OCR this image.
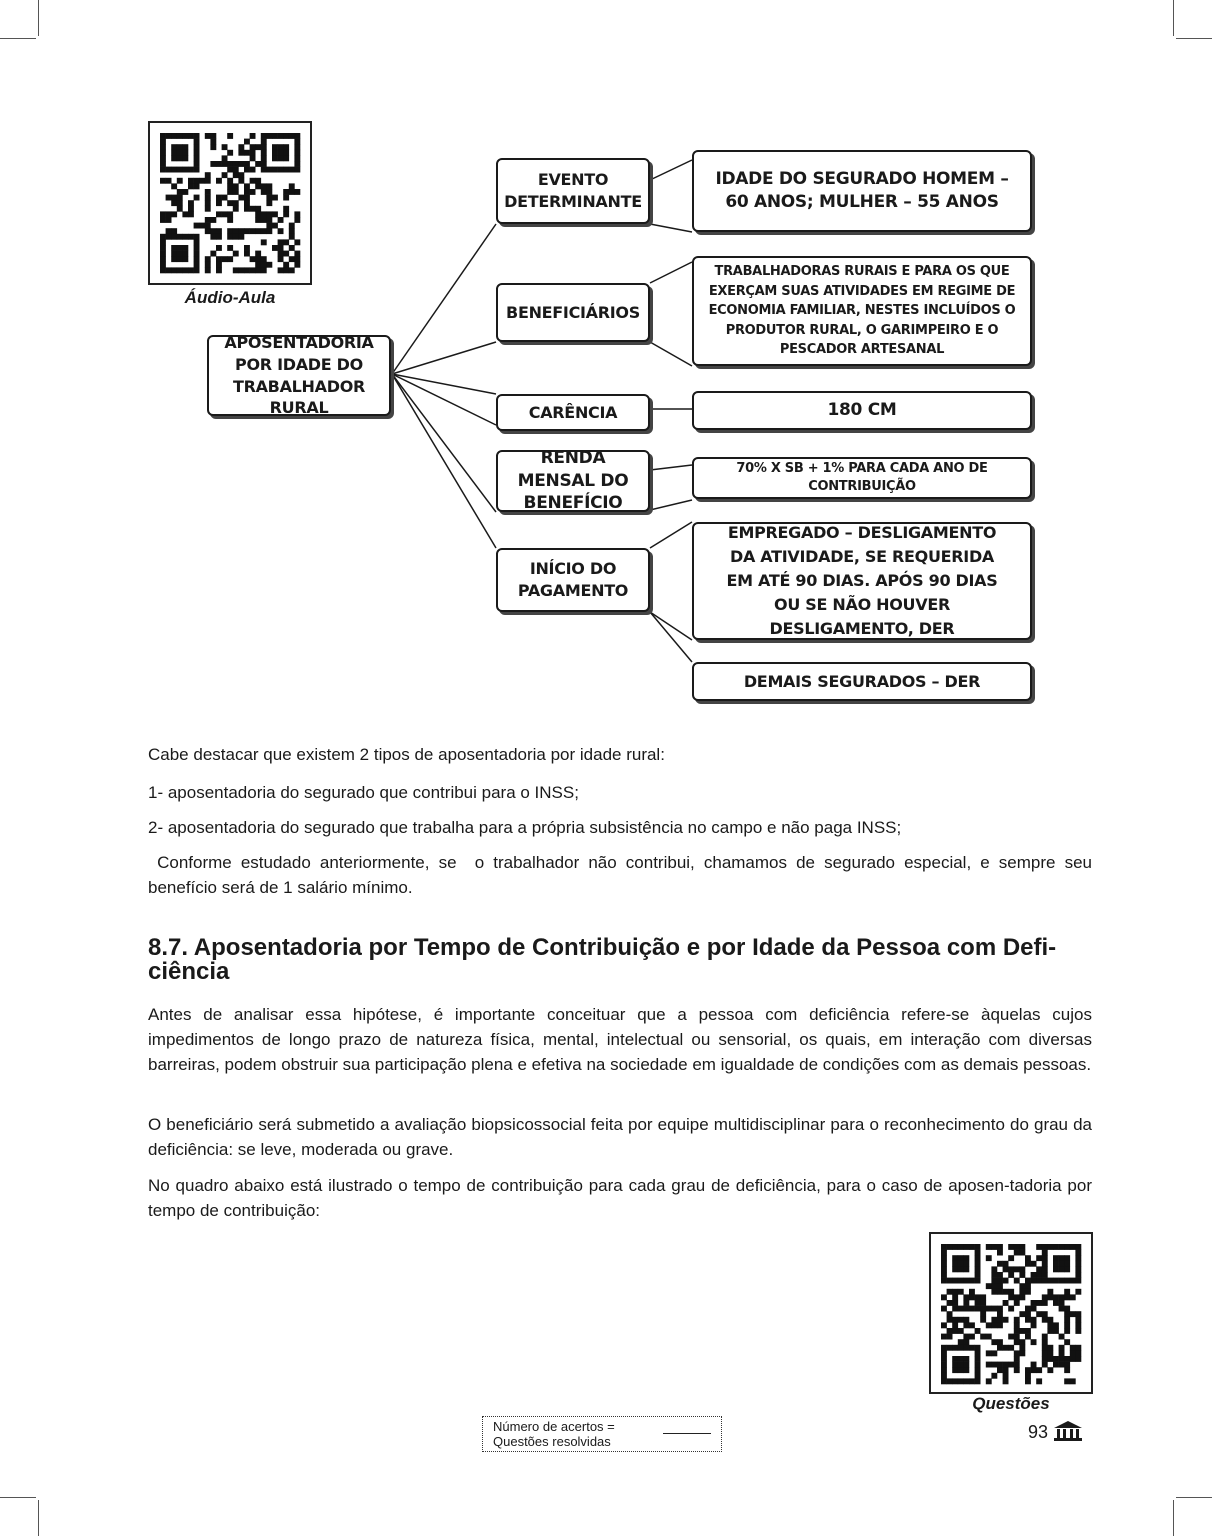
Áudio-Aula
APOSENTADORIA POR IDADE DO TRABALHADOR RURAL
EVENTO DETERMINANTE
BENEFICIÁRIOS
CARÊNCIA
RENDA MENSAL DO BENEFÍCIO
INÍCIO DO PAGAMENTO
IDADE DO SEGURADO HOMEM – 60 ANOS; MULHER – 55 ANOS
TRABALHADORAS RURAIS E PARA OS QUE EXERÇAM SUAS ATIVIDADES EM REGIME DE ECONOMIA FAMILIAR, NESTES INCLUÍDOS O PRODUTOR RURAL, O GARIMPEIRO E O PESCADOR ARTESANAL
180 CM
70% X SB + 1% PARA CADA ANO DE CONTRIBUIÇÃO
EMPREGADO – DESLIGAMENTO DA ATIVIDADE, SE REQUERIDA EM ATÉ 90 DIAS. APÓS 90 DIAS OU SE NÃO HOUVER DESLIGAMENTO, DER
DEMAIS SEGURADOS – DER
Cabe destacar que existem 2 tipos de aposentadoria por idade rural:
1- aposentadoria do segurado que contribui para o INSS;
2- aposentadoria do segurado que trabalha para a própria subsistência no campo e não paga INSS;
Conforme estudado anteriormente, se  o trabalhador não contribui, chamamos de segurado especial, e sempre seu benefício será de 1 salário mínimo.
8.7. Aposentadoria por Tempo de Contribuição e por Idade da Pessoa com Defi-
ciência
Antes de analisar essa hipótese, é importante conceituar que a pessoa com deficiência refere-se àquelas cujos impedimentos de longo prazo de natureza física, mental, intelectual ou sensorial, os quais, em interação com diversas barreiras, podem obstruir sua participação plena e efetiva na sociedade em igualdade de condições com as demais pessoas.
O beneficiário será submetido a avaliação biopsicossocial feita por equipe multidisciplinar para o reconhecimento do grau da deficiência: se leve, moderada ou grave.
No quadro abaixo está ilustrado o tempo de contribuição para cada grau de deficiência, para o caso de aposen-tadoria por tempo de contribuição:
Questões
Número de acertos =
Questões resolvidas	93
